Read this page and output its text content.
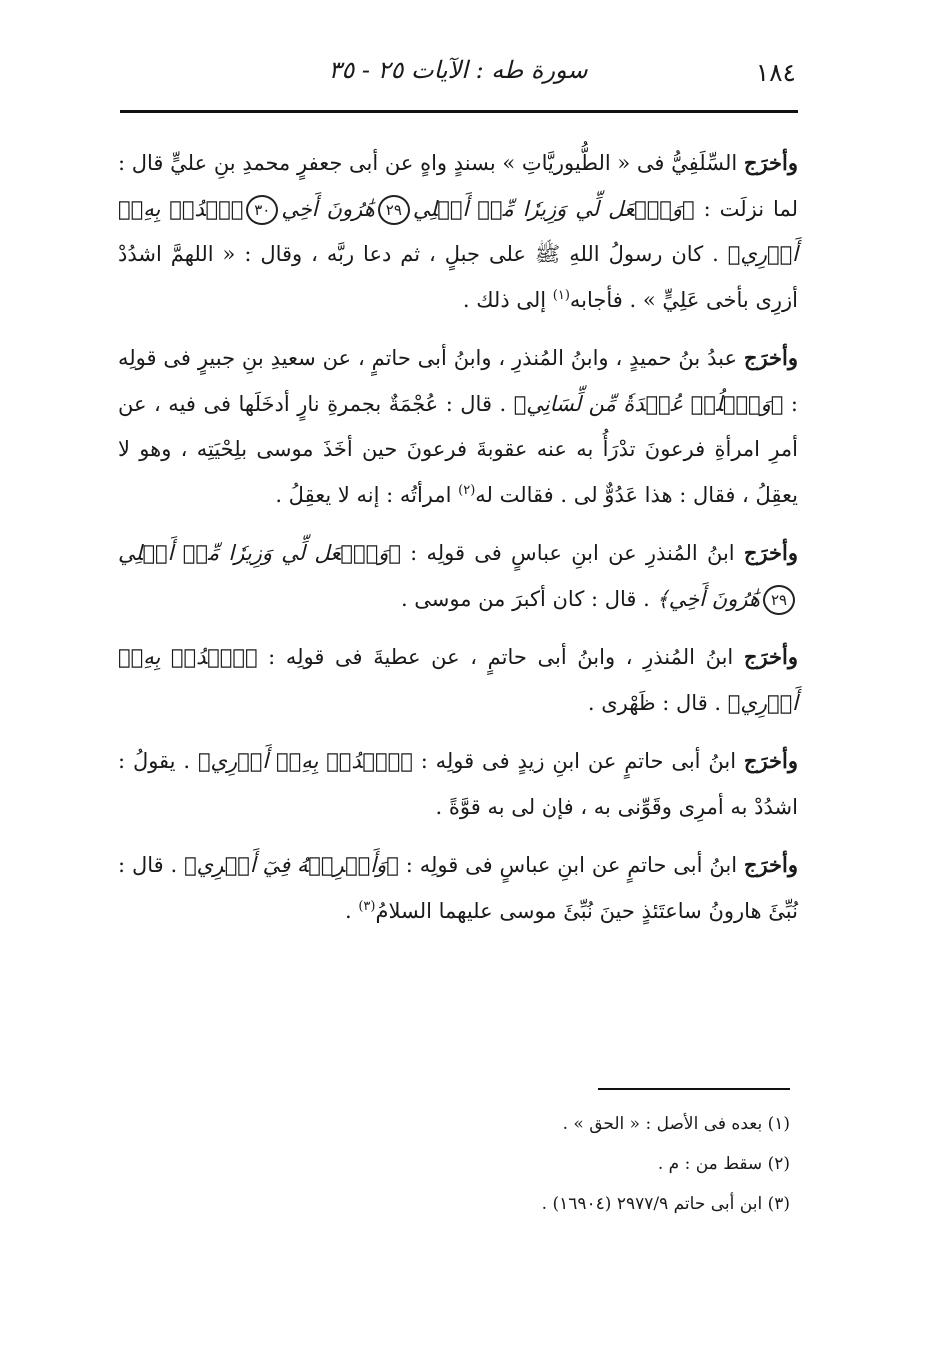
١٨٤
سورة طه : الآيات ٢٥ - ٣٥

وأخرَج السِّلَفِيُّ فى « الطُّيوريَّاتِ » بسندٍ واهٍ عن أبى جعفرٍ محمدِ بنِ عليٍّ قال : لما نزلَت : ﴿وَٱجۡعَل لِّي وَزِيرٗا مِّنۡ أَهۡلِي٢٩هَٰرُونَ أَخِي٣٠ٱشۡدُدۡ بِهِۦٓ أَزۡرِي﴾ . كان رسولُ اللهِ ﷺ على جبلٍ ، ثم دعا ربَّه ، وقال : « اللهمَّ اشدُدْ أزرِى بأخى عَلِيٍّ » . فأجابه$^{(١)}$ إلى ذلك .

وأخرَج عبدُ بنُ حميدٍ ، وابنُ المُنذرِ ، وابنُ أبى حاتمٍ ، عن سعيدِ بنِ جبيرٍ فى قولِه : ﴿وَٱحۡلُلۡ عُقۡدَةٗ مِّن لِّسَانِي﴾ . قال : عُجْمَةٌ بجمرةِ نارٍ أدخَلَها فى فيه ، عن أمرِ امرأةِ فرعونَ تدْرَأُ به عنه عقوبةَ فرعونَ حين أخَذَ موسى بلِحْيَتِه ، وهو لا يعقِلُ ، فقال : هذا عَدُوٌّ لى . فقالت له$^{(٢)}$ امرأتُه : إنه لا يعقِلُ .

وأخرَج ابنُ المُنذرِ عن ابنِ عباسٍ فى قولِه : ﴿وَٱجۡعَل لِّي وَزِيرٗا مِّنۡ أَهۡلِي٢٩هَٰرُونَ أَخِي﴾ . قال : كان أكبرَ من موسى .

وأخرَج ابنُ المُنذرِ ، وابنُ أبى حاتمٍ ، عن عطيةَ فى قولِه : ﴿ٱشۡدُدۡ بِهِۦٓ أَزۡرِي﴾ . قال : ظَهْرى .

وأخرَج ابنُ أبى حاتمٍ عن ابنِ زيدٍ فى قولِه : ﴿ٱشۡدُدۡ بِهِۦٓ أَزۡرِي﴾ . يقولُ : اشدُدْ به أمرِى وقَوِّنى به ، فإن لى به قوَّةً .

وأخرَج ابنُ أبى حاتمٍ عن ابنِ عباسٍ فى قولِه : ﴿وَأَشۡرِكۡهُ فِيٓ أَمۡرِي﴾ . قال : نُبِّئَ هارونُ ساعتَئذٍ حينَ نُبِّئَ موسى عليهما السلامُ$^{(٣)}$ .

(١) بعده فى الأصل : « الحق » .

(٢) سقط من : م .

(٣) ابن أبى حاتم ٢٩٧٧/٩ (١٦٩٠٤) .
